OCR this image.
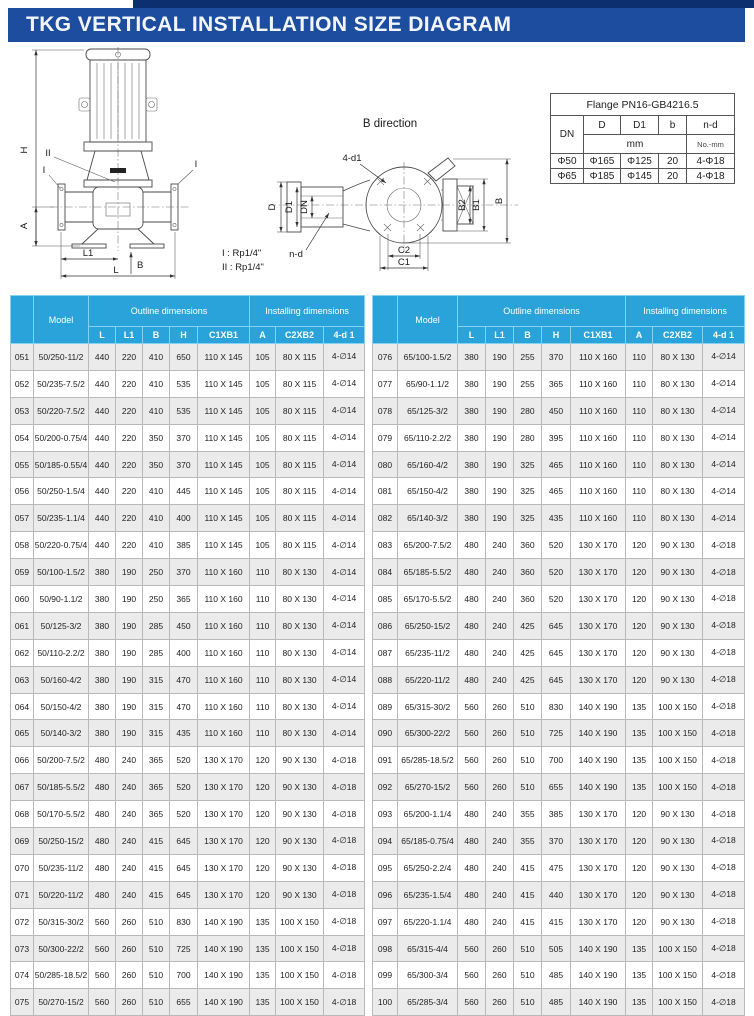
TKG VERTICAL INSTALLATION SIZE DIAGRAM
H
A
L1
L B
II
I
I
B direction
D D1 DN
4-d1
n-d
B2 B1 B
C2
C1
I : Rp1/4"
II : Rp1/4"
Flange PN16-GB4216.5				
DN	D	D1	b	n-d
	mm			No.-mm
Φ50	Φ165	Φ125	20	4-Φ18
Φ65	Φ185	Φ145	20	4-Φ18
	Model	Outline dimensions					Installing dimensions		
		L	L1	B	H	C1XB1	A	C2XB2	4-d 1
051	50/250-11/2	440	220	410	650	110 X 145	105	80 X 115	4-∅14
052	50/235-7.5/2	440	220	410	535	110 X 145	105	80 X 115	4-∅14
053	50/220-7.5/2	440	220	410	535	110 X 145	105	80 X 115	4-∅14
054	50/200-0.75/4	440	220	350	370	110 X 145	105	80 X 115	4-∅14
055	50/185-0.55/4	440	220	350	370	110 X 145	105	80 X 115	4-∅14
056	50/250-1.5/4	440	220	410	445	110 X 145	105	80 X 115	4-∅14
057	50/235-1.1/4	440	220	410	400	110 X 145	105	80 X 115	4-∅14
058	50/220-0.75/4	440	220	410	385	110 X 145	105	80 X 115	4-∅14
059	50/100-1.5/2	380	190	250	370	110 X 160	110	80 X 130	4-∅14
060	50/90-1.1/2	380	190	250	365	110 X 160	110	80 X 130	4-∅14
061	50/125-3/2	380	190	285	450	110 X 160	110	80 X 130	4-∅14
062	50/110-2.2/2	380	190	285	400	110 X 160	110	80 X 130	4-∅14
063	50/160-4/2	380	190	315	470	110 X 160	110	80 X 130	4-∅14
064	50/150-4/2	380	190	315	470	110 X 160	110	80 X 130	4-∅14
065	50/140-3/2	380	190	315	435	110 X 160	110	80 X 130	4-∅14
066	50/200-7.5/2	480	240	365	520	130 X 170	120	90 X 130	4-∅18
067	50/185-5.5/2	480	240	365	520	130 X 170	120	90 X 130	4-∅18
068	50/170-5.5/2	480	240	365	520	130 X 170	120	90 X 130	4-∅18
069	50/250-15/2	480	240	415	645	130 X 170	120	90 X 130	4-∅18
070	50/235-11/2	480	240	415	645	130 X 170	120	90 X 130	4-∅18
071	50/220-11/2	480	240	415	645	130 X 170	120	90 X 130	4-∅18
072	50/315-30/2	560	260	510	830	140 X 190	135	100 X 150	4-∅18
073	50/300-22/2	560	260	510	725	140 X 190	135	100 X 150	4-∅18
074	50/285-18.5/2	560	260	510	700	140 X 190	135	100 X 150	4-∅18
075	50/270-15/2	560	260	510	655	140 X 190	135	100 X 150	4-∅18
	Model	Outline dimensions					Installing dimensions		
		L	L1	B	H	C1XB1	A	C2XB2	4-d 1
076	65/100-1.5/2	380	190	255	370	110 X 160	110	80 X 130	4-∅14
077	65/90-1.1/2	380	190	255	365	110 X 160	110	80 X 130	4-∅14
078	65/125-3/2	380	190	280	450	110 X 160	110	80 X 130	4-∅14
079	65/110-2.2/2	380	190	280	395	110 X 160	110	80 X 130	4-∅14
080	65/160-4/2	380	190	325	465	110 X 160	110	80 X 130	4-∅14
081	65/150-4/2	380	190	325	465	110 X 160	110	80 X 130	4-∅14
082	65/140-3/2	380	190	325	435	110 X 160	110	80 X 130	4-∅14
083	65/200-7.5/2	480	240	360	520	130 X 170	120	90 X 130	4-∅18
084	65/185-5.5/2	480	240	360	520	130 X 170	120	90 X 130	4-∅18
085	65/170-5.5/2	480	240	360	520	130 X 170	120	90 X 130	4-∅18
086	65/250-15/2	480	240	425	645	130 X 170	120	90 X 130	4-∅18
087	65/235-11/2	480	240	425	645	130 X 170	120	90 X 130	4-∅18
088	65/220-11/2	480	240	425	645	130 X 170	120	90 X 130	4-∅18
089	65/315-30/2	560	260	510	830	140 X 190	135	100 X 150	4-∅18
090	65/300-22/2	560	260	510	725	140 X 190	135	100 X 150	4-∅18
091	65/285-18.5/2	560	260	510	700	140 X 190	135	100 X 150	4-∅18
092	65/270-15/2	560	260	510	655	140 X 190	135	100 X 150	4-∅18
093	65/200-1.1/4	480	240	355	385	130 X 170	120	90 X 130	4-∅18
094	65/185-0.75/4	480	240	355	370	130 X 170	120	90 X 130	4-∅18
095	65/250-2.2/4	480	240	415	475	130 X 170	120	90 X 130	4-∅18
096	65/235-1.5/4	480	240	415	440	130 X 170	120	90 X 130	4-∅18
097	65/220-1.1/4	480	240	415	415	130 X 170	120	90 X 130	4-∅18
098	65/315-4/4	560	260	510	505	140 X 190	135	100 X 150	4-∅18
099	65/300-3/4	560	260	510	485	140 X 190	135	100 X 150	4-∅18
100	65/285-3/4	560	260	510	485	140 X 190	135	100 X 150	4-∅18
